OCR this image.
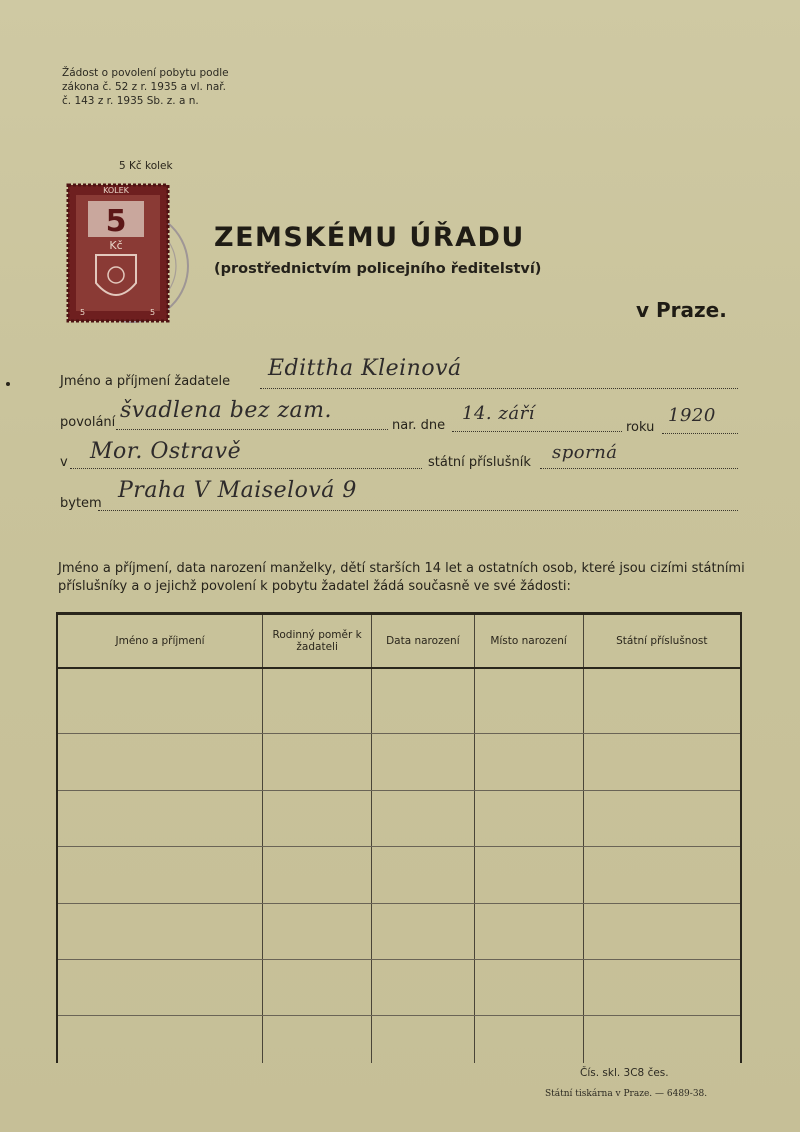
Žádost o povolení pobytu podle
zákona č. 52 z r. 1935 a vl. nař.
č. 143 z r. 1935 Sb. z. a n.
5 Kč kolek
5
KOLEK
Kč
5	5
ZEMSKÉMU ÚŘADU
(prostřednictvím policejního ředitelství)
v Praze.
Jméno a příjmení žadatele
Edittha Kleinová
povolání švadlena bez zam.
nar. dne
14. září
roku
1920
v Mor. Ostravě	státní příslušník sporná
bytem
Praha V Maiselová 9
Jméno a příjmení, data narození manželky, dětí starších 14 let a ostatních osob, které jsou cizími státními příslušníky a o jejichž povolení k pobytu žadatel žádá současně ve své žádosti:
Jméno a příjmení	Rodinný poměr k žadateli	Data narození	Místo narození	Státní příslušnost

Čís. skl. 3C8 čes.
Státní tiskárna v Praze. — 6489-38.
